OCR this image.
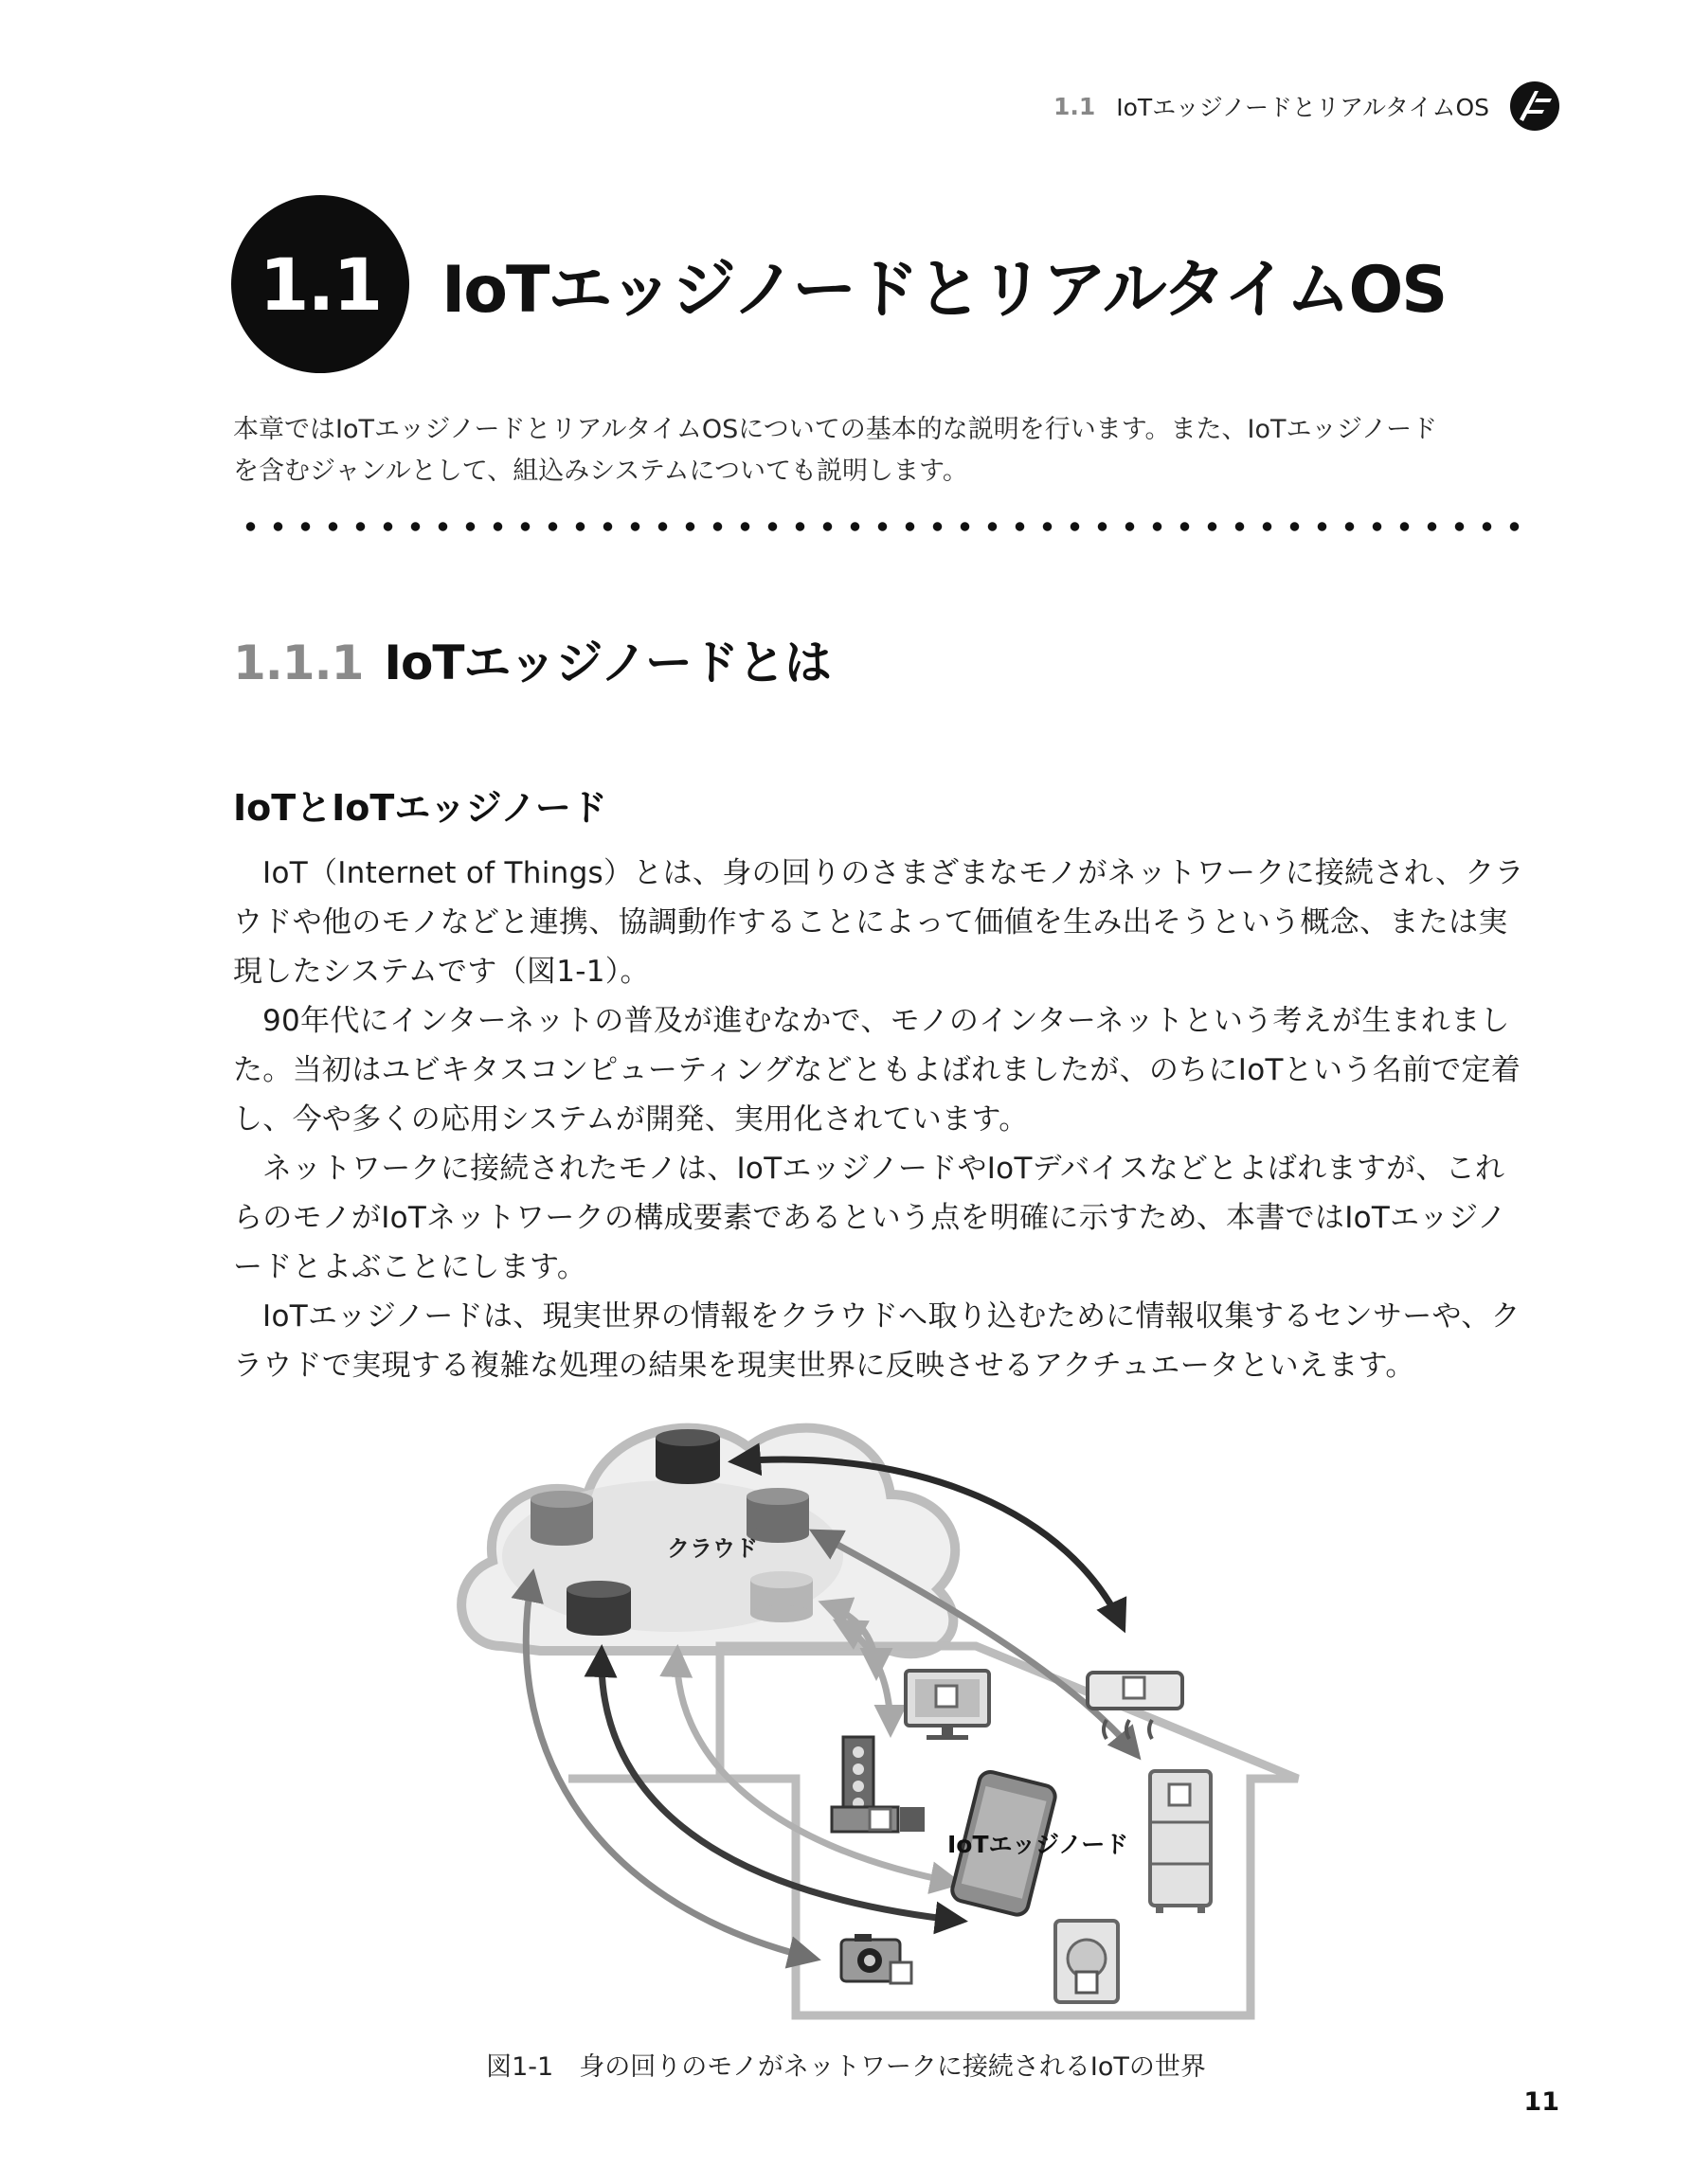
1.1 IoTエッジノードとリアルタイムOS
1.1 IoTエッジノードとリアルタイムOS

本章ではIoTエッジノードとリアルタイムOSについての基本的な説明を行います。また、IoTエッジノード

を含むジャンルとして、組込みシステムについても説明します。

1.1.1 IoTエッジノードとは
IoTとIoTエッジノード

IoT（Internet of Things）とは、身の回りのさまざまなモノがネットワークに接続され、クラウドや他のモノなどと連携、協調動作することによって価値を生み出そうという概念、または実現したシステムです（図1-1）。

90年代にインターネットの普及が進むなかで、モノのインターネットという考えが生まれました。当初はユビキタスコンピューティングなどともよばれましたが、のちにIoTという名前で定着し、今や多くの応用システムが開発、実用化されています。

ネットワークに接続されたモノは、IoTエッジノードやIoTデバイスなどとよばれますが、これらのモノがIoTネットワークの構成要素であるという点を明確に示すため、本書ではIoTエッジノードとよぶことにします。

IoTエッジノードは、現実世界の情報をクラウドへ取り込むために情報収集するセンサーや、クラウドで実現する複雑な処理の結果を現実世界に反映させるアクチュエータといえます。

クラウド
IoTエッジノード
図1-1　身の回りのモノがネットワークに接続されるIoTの世界
11
